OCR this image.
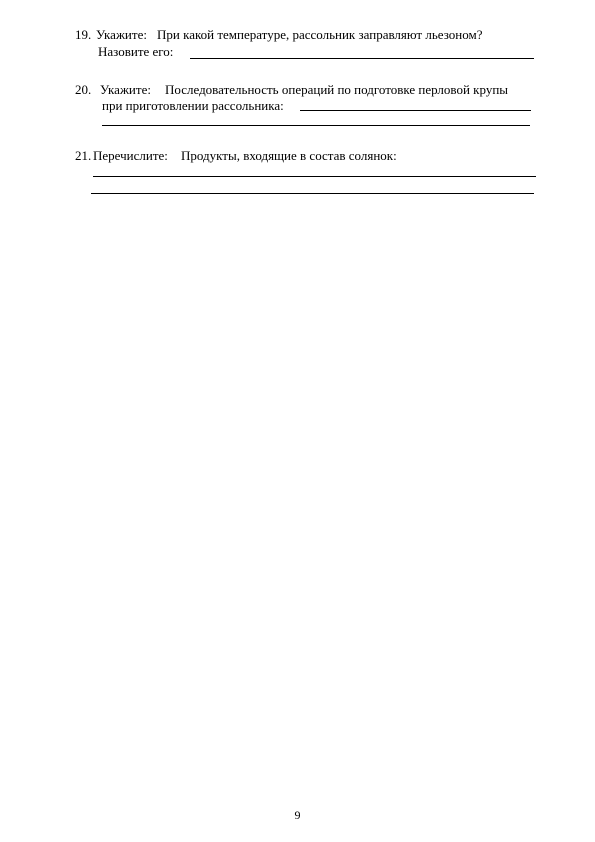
19. Укажите: При какой температуре, рассольник заправляют льезоном?
Назовите его:
20. Укажите: Последовательность операций по подготовке перловой крупы
при приготовлении рассольника:
21. Перечислите: Продукты, входящие в состав солянок:
9
